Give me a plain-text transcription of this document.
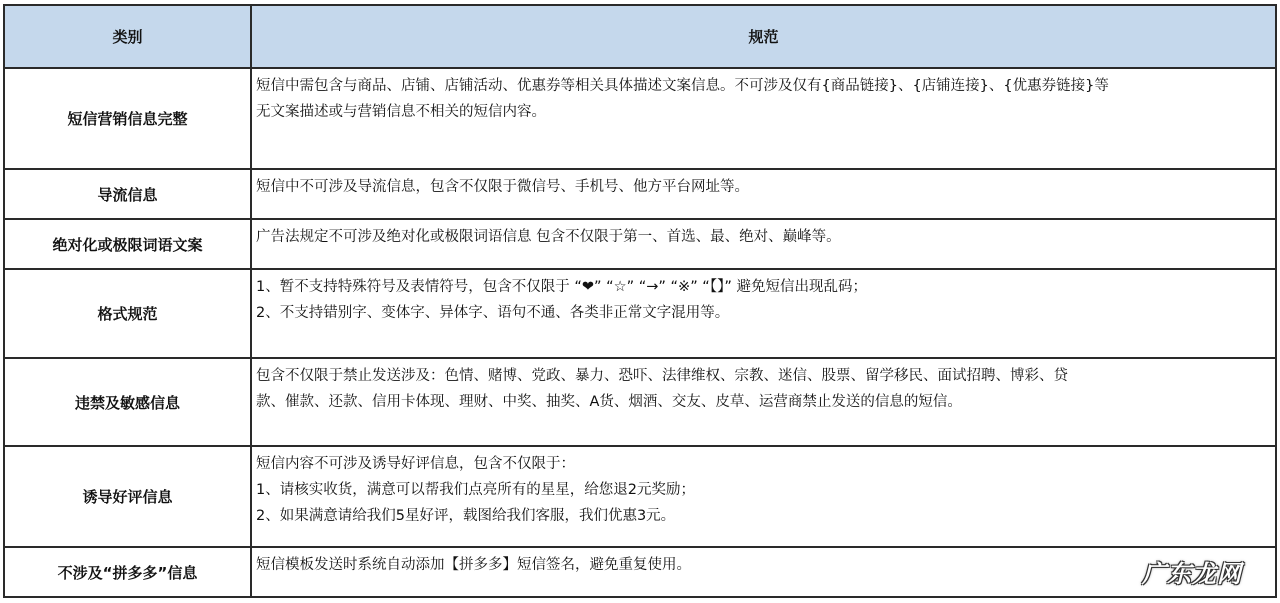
类别	规范
短信营销信息完整	短信中需包含与商品、店铺、店铺活动、优惠券等相关具体描述文案信息。不可涉及仅有{商品链接}、{店铺连接}、{优惠券链接}等
无文案描述或与营销信息不相关的短信内容。

导流信息	短信中不可涉及导流信息，包含不仅限于微信号、手机号、他方平台网址等。

绝对化或极限词语文案	广告法规定不可涉及绝对化或极限词语信息 包含不仅限于第一、首选、最、绝对、巅峰等。

格式规范	1、暂不支持特殊符号及表情符号，包含不仅限于 “❤” “☆” “→” “※” “【】” 避免短信出现乱码；
2、不支持错别字、变体字、异体字、语句不通、各类非正常文字混用等。

违禁及敏感信息	包含不仅限于禁止发送涉及：色情、赌博、党政、暴力、恐吓、法律维权、宗教、迷信、股票、留学移民、面试招聘、博彩、贷
款、催款、还款、信用卡体现、理财、中奖、抽奖、A货、烟酒、交友、皮草、运营商禁止发送的信息的短信。

诱导好评信息	短信内容不可涉及诱导好评信息，包含不仅限于：
1、请核实收货，满意可以帮我们点亮所有的星星，给您退2元奖励；
2、如果满意请给我们5星好评，载图给我们客服，我们优惠3元。

不涉及“拼多多”信息	短信模板发送时系统自动添加【拼多多】短信签名，避免重复使用。	广东龙网
